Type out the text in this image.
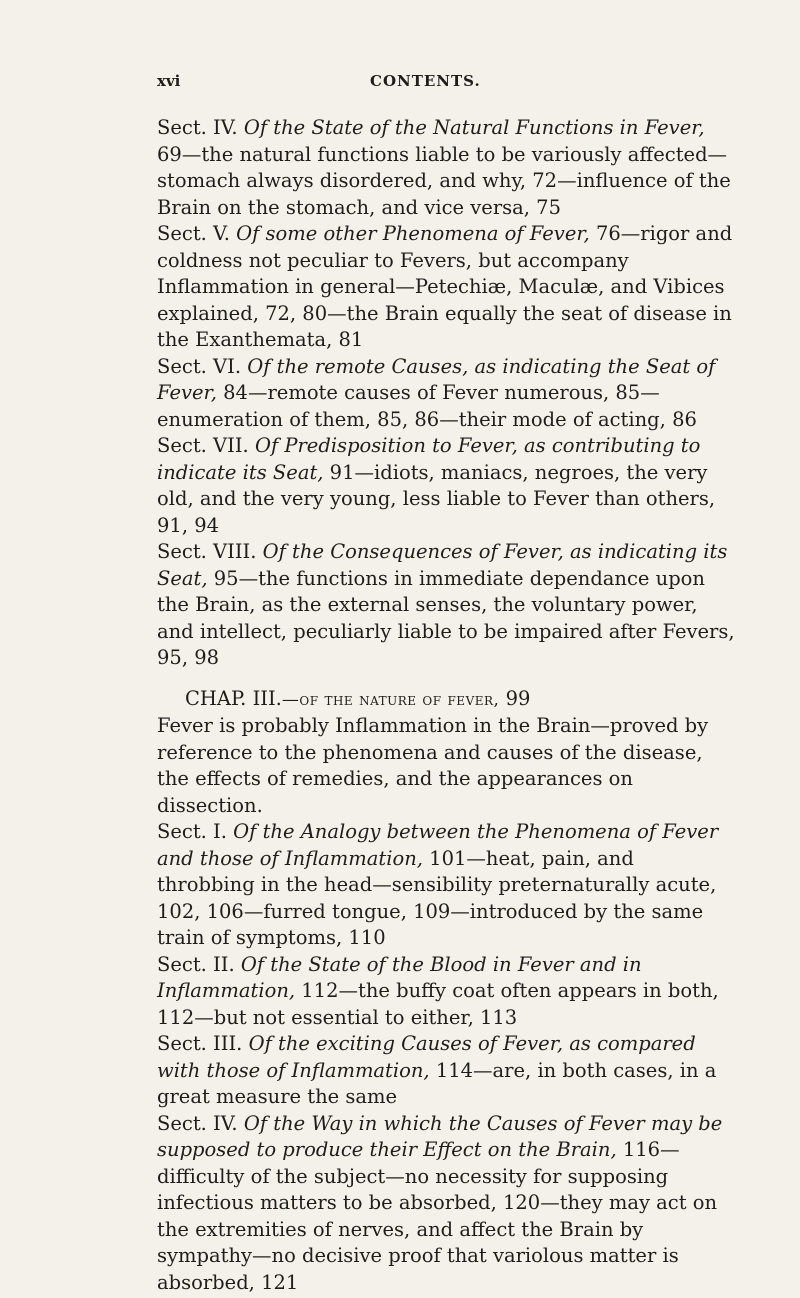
xvi	CONTENTS.

Sect. IV. Of the State of the Natural Functions in Fever, 69—the natural functions liable to be variously affected—stomach always disordered, and why, 72—influence of the Brain on the stomach, and vice versa, 75

Sect. V. Of some other Phenomena of Fever, 76—rigor and coldness not peculiar to Fevers, but accompany Inflammation in general—Petechiæ, Maculæ, and Vibices explained, 72, 80—the Brain equally the seat of disease in the Exanthemata, 81

Sect. VI. Of the remote Causes, as indicating the Seat of Fever, 84—remote causes of Fever numerous, 85—enumeration of them, 85, 86—their mode of acting, 86

Sect. VII. Of Predisposition to Fever, as contributing to indicate its Seat, 91—idiots, maniacs, negroes, the very old, and the very young, less liable to Fever than others, 91, 94

Sect. VIII. Of the Consequences of Fever, as indicating its Seat, 95—the functions in immediate dependance upon the Brain, as the external senses, the voluntary power, and intellect, peculiarly liable to be impaired after Fevers, 95, 98

CHAP. III.—of the nature of fever, 99

Fever is probably Inflammation in the Brain—proved by reference to the phenomena and causes of the disease, the effects of remedies, and the appearances on dissection.

Sect. I. Of the Analogy between the Phenomena of Fever and those of Inflammation, 101—heat, pain, and throbbing in the head—sensibility preternaturally acute, 102, 106—furred tongue, 109—introduced by the same train of symptoms, 110

Sect. II. Of the State of the Blood in Fever and in Inflammation, 112—the buffy coat often appears in both, 112—but not essential to either, 113

Sect. III. Of the exciting Causes of Fever, as compared with those of Inflammation, 114—are, in both cases, in a great measure the same

Sect. IV. Of the Way in which the Causes of Fever may be supposed to produce their Effect on the Brain, 116—difficulty of the subject—no necessity for supposing infectious matters to be absorbed, 120—they may act on the extremities of nerves, and affect the Brain by sympathy—no decisive proof that variolous matter is absorbed, 121
